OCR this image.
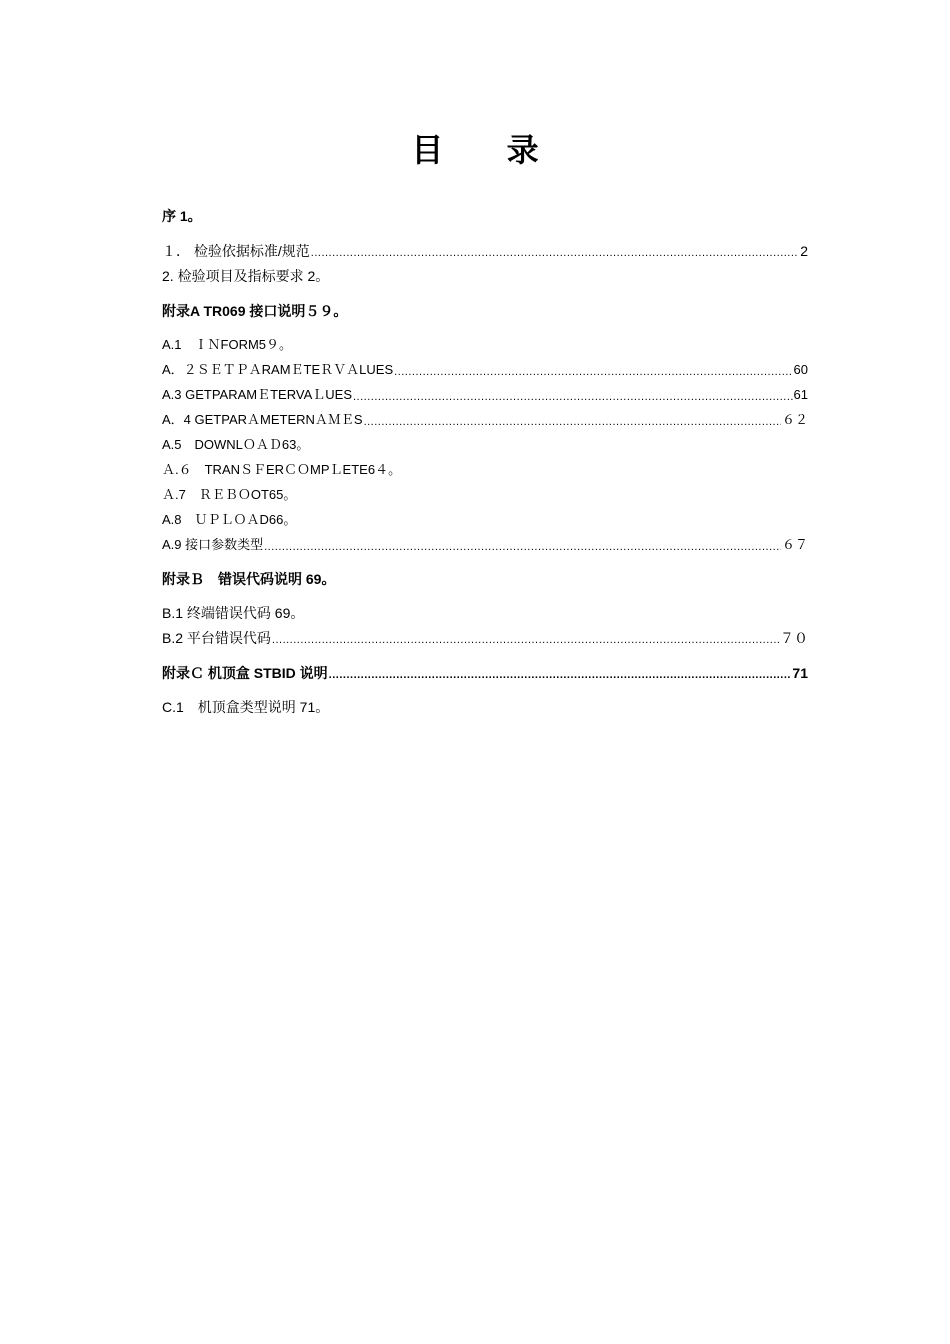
目 录
序 1。
１． 检验依据标准/规范 .....	2
2. 检验项目及指标要求 2。
附录A TR069 接口说明５９。
A.1　ＩＮFORM5９。
A．２ＳＥＴＰＡRAMＥTEＲＶＡLUES .....	60
A.3 GETPARAMＥTERVAＬUES .....	61
A．4 GETPARＡMETERNＡＭＥS .....	６２
A.5　DOWNLＯＡＤ63。
Ａ.６　TRANＳＦERＣＯMPＬETE6４。
Ａ.7　ＲＥＢＯOT65。
A.8　ＵＰＬＯＡD66。
A.9 接口参数类型 .....	６７
附录Ｂ　错误代码说明 69。
B.1 终端错误代码 69。
B.2 平台错误代码 .....	７０
附录Ｃ 机顶盒 STBID 说明 .....	71
C.1　机顶盒类型说明 71。
